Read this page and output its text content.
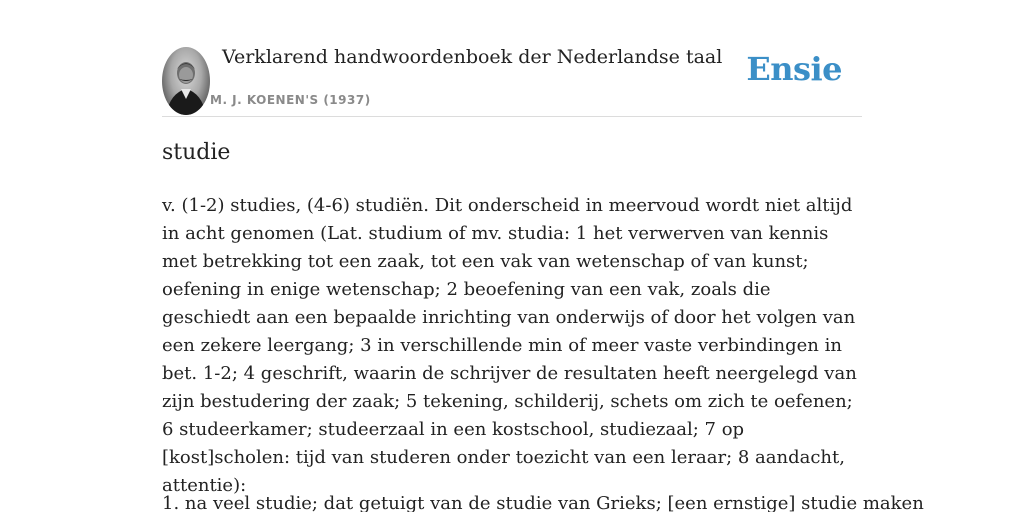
Verklarend handwoordenboek der Nederlandse taal
M. J. KOENEN'S (1937)
Ensie
studie

v. (1-2) studies, (4-6) studiën. Dit onderscheid in meervoud wordt niet altijd in acht genomen (Lat. studium of mv. studia: 1 het verwerven van kennis met betrekking tot een zaak, tot een vak van wetenschap of van kunst; oefening in enige wetenschap; 2 beoefening van een vak, zoals die geschiedt aan een bepaalde inrichting van onderwijs of door het volgen van een zekere leergang; 3 in verschillende min of meer vaste verbindingen in bet. 1-2; 4 geschrift, waarin de schrijver de resultaten heeft neergelegd van zijn bestudering der zaak; 5 tekening, schilderij, schets om zich te oefenen; 6 studeerkamer; studeerzaal in een kostschool, studiezaal; 7 op [kost]scholen: tijd van studeren onder toezicht van een leraar; 8 aandacht, attentie):

1. na veel studie; dat getuigt van de studie van Grieks; [een ernstige] studie maken
